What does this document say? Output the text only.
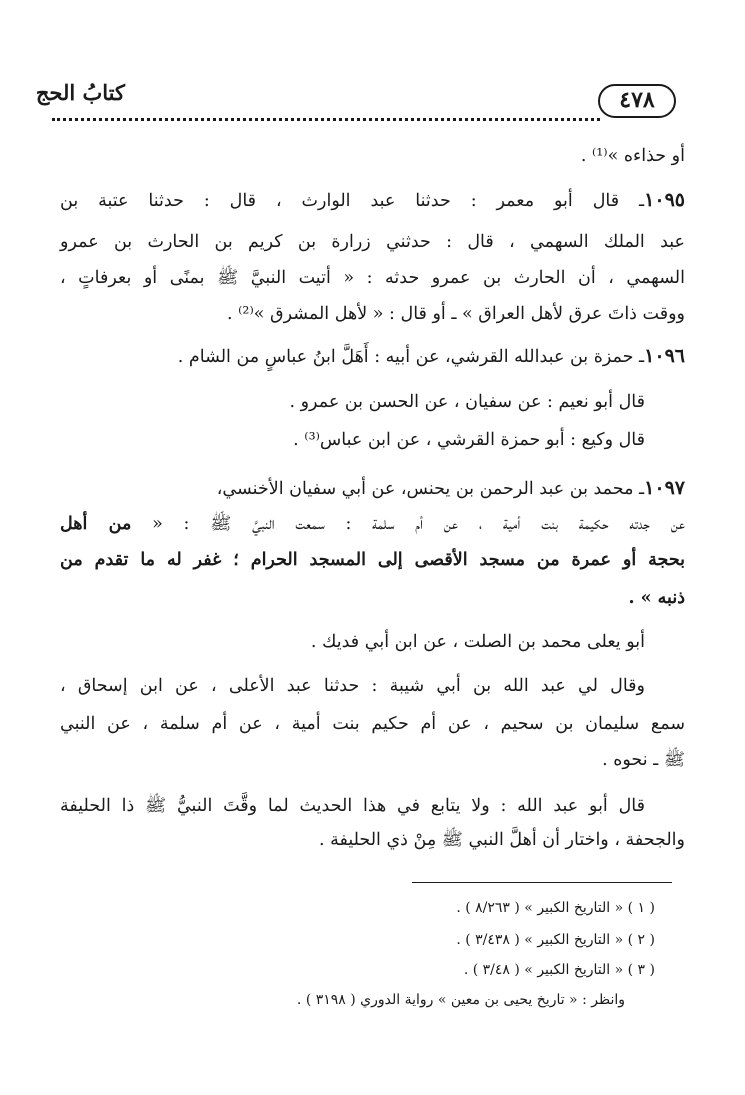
كتابُ الحج	٤٧٨
أو حذاءه »⁽¹⁾ .
١٠٩٥ـ قال أبو معمر : حدثنا عبد الوارث ، قال : حدثنا عتبة بن
عبد الملك السهمي ، قال : حدثني زرارة بن كريم بن الحارث بن عمرو
السهمي ، أن الحارث بن عمرو حدثه : « أتيت النبيَّ ﷺ بمنًى أو بعرفاتٍ ،
ووقت ذاتَ عرق لأهل العراق » ـ أو قال : « لأهل المشرق »⁽²⁾ .
١٠٩٦ـ حمزة بن عبدالله القرشي، عن أبيه : أَهَلَّ ابنُ عباسٍ من الشام .
قال أبو نعيم : عن سفيان ، عن الحسن بن عمرو .
قال وكيع : أبو حمزة القرشي ، عن ابن عباس⁽³⁾ .
١٠٩٧ـ محمد بن عبد الرحمن بن يحنس، عن أبي سفيان الأخنسي،
عن جدته حكيمة بنت أمية ، عن أم سلمة : سمعت النبيَّ ﷺ : « من أهل
بحجة أو عمرة من مسجد الأقصى إلى المسجد الحرام ؛ غفر له ما تقدم من
ذنبه » .
أبو يعلى محمد بن الصلت ، عن ابن أبي فديك .
وقال لي عبد الله بن أبي شيبة : حدثنا عبد الأعلى ، عن ابن إسحاق ،
سمع سليمان بن سحيم ، عن أم حكيم بنت أمية ، عن أم سلمة ، عن النبي
ﷺ ـ نحوه .
قال أبو عبد الله : ولا يتابع في هذا الحديث لما وقَّتَ النبيُّ ﷺ ذا الحليفة
والجحفة ، واختار أن أهلَّ النبي ﷺ مِنْ ذي الحليفة .
( ١ ) « التاريخ الكبير » ( ٨/٢٦٣ ) .
( ٢ ) « التاريخ الكبير » ( ٣/٤٣٨ ) .
( ٣ ) « التاريخ الكبير » ( ٣/٤٨ ) .
وانظر : « تاريخ يحيى بن معين » رواية الدوري ( ٣١٩٨ ) .
